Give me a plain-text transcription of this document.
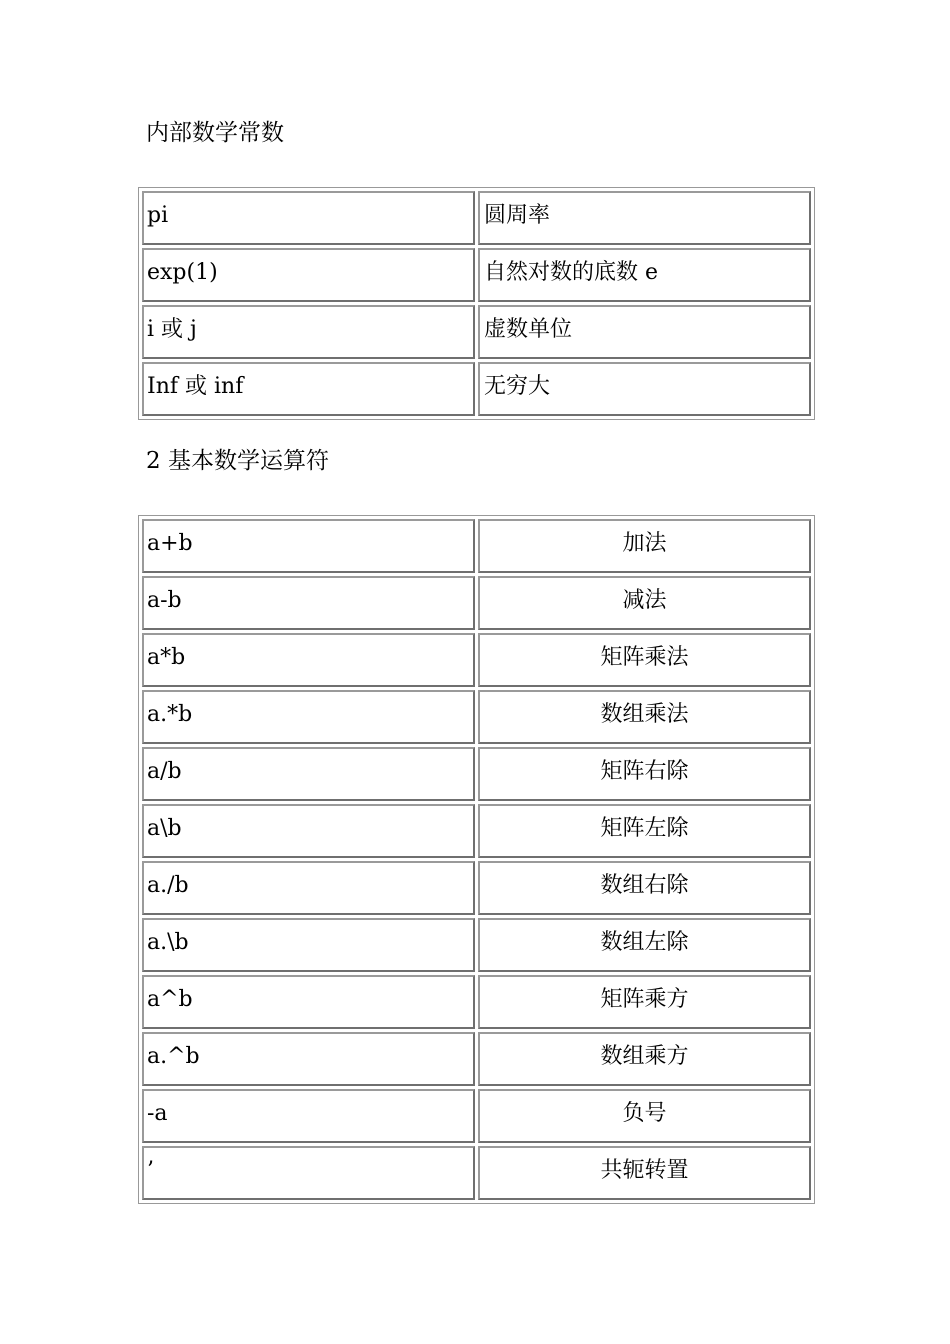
内部数学常数
pi	圆周率
exp(1)	自然对数的底数 e
i 或 j	虚数单位
Inf 或 inf	无穷大
2 基本数学运算符
a+b	加法
a-b	减法
a*b	矩阵乘法
a.*b	数组乘法
a/b	矩阵右除
a\b	矩阵左除
a./b	数组右除
a.\b	数组左除
a^b	矩阵乘方
a.^b	数组乘方
-a	负号
’	共轭转置
